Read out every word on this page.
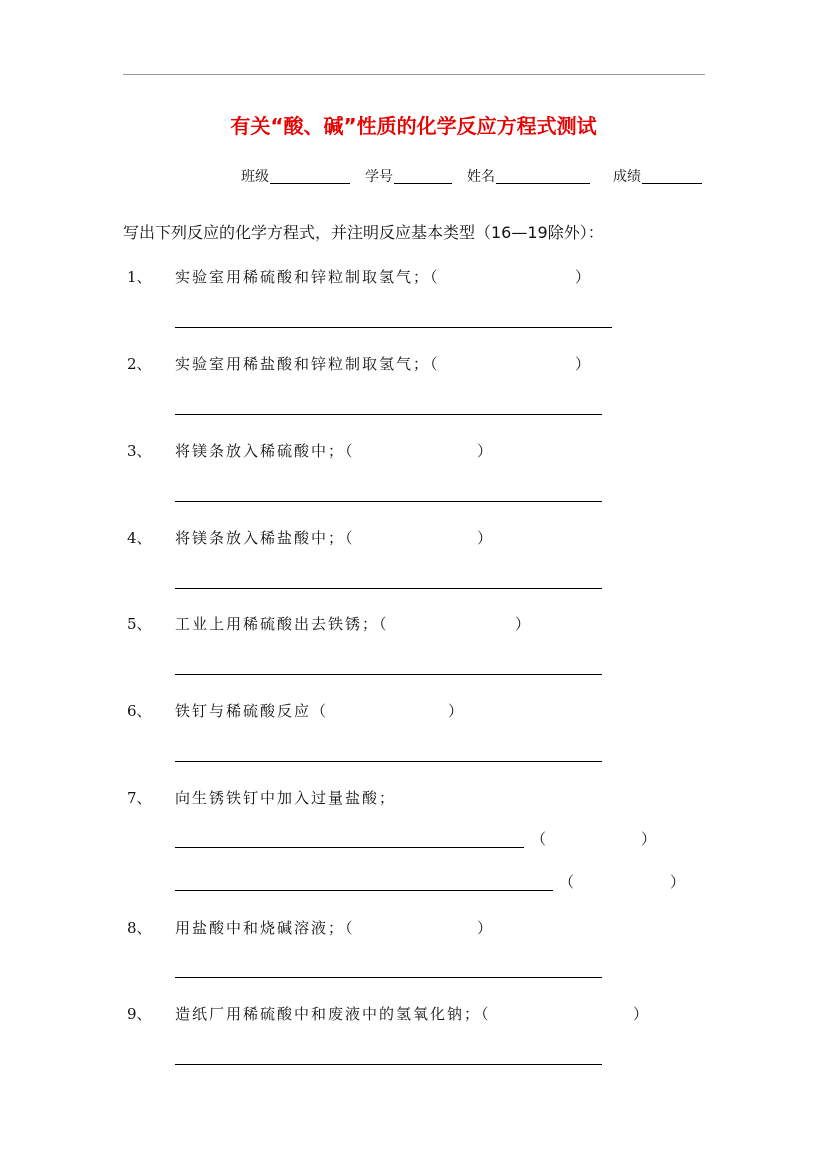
有关“酸、碱”性质的化学反应方程式测试
班级	学号	姓名	成绩
写出下列反应的化学方程式，并注明反应基本类型（16—19除外）：
1、 实验室用稀硫酸和锌粒制取氢气；（	）
2、 实验室用稀盐酸和锌粒制取氢气；（	）
3、 将镁条放入稀硫酸中；（	）
4、 将镁条放入稀盐酸中；（	）
5、 工业上用稀硫酸出去铁锈；（	）
6、 铁钉与稀硫酸反应（	）
7、 向生锈铁钉中加入过量盐酸；
（	）
（	）
8、 用盐酸中和烧碱溶液；（	）
9、 造纸厂用稀硫酸中和废液中的氢氧化钠；（	）
